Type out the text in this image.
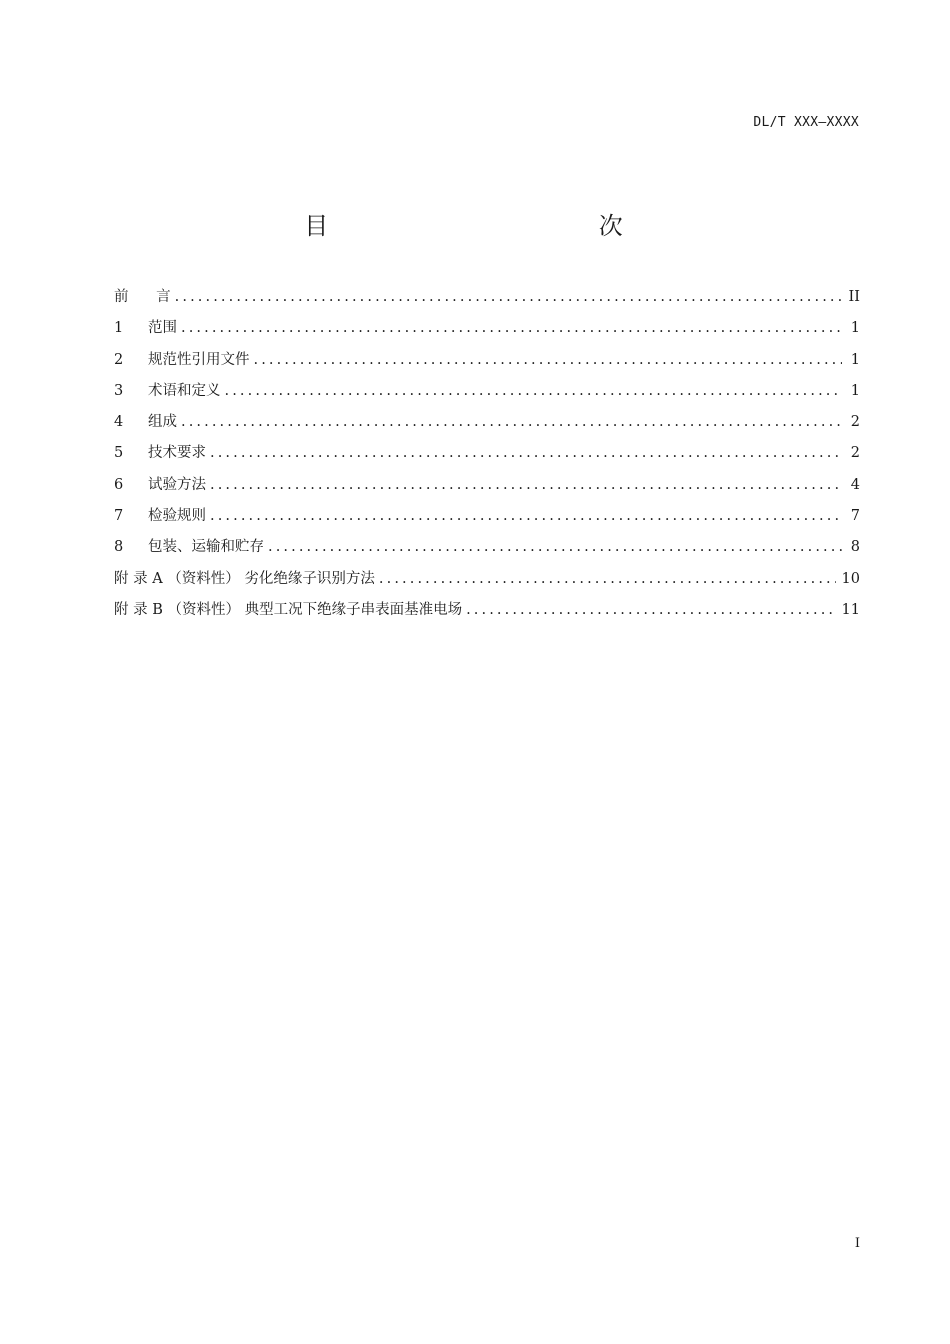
DL/T XXX—XXXX
目    次
前      言 .....	II
1	范围 .....	1
2	规范性引用文件 .....	1
3	术语和定义 .....	1
4	组成 .....	2
5	技术要求 .....	2
6	试验方法 .....	4
7	检验规则 .....	7
8	包装、运输和贮存 .....	8
附 录 A （资料性） 劣化绝缘子识别方法 .....	10
附 录 B （资料性） 典型工况下绝缘子串表面基准电场 .....	11
I
